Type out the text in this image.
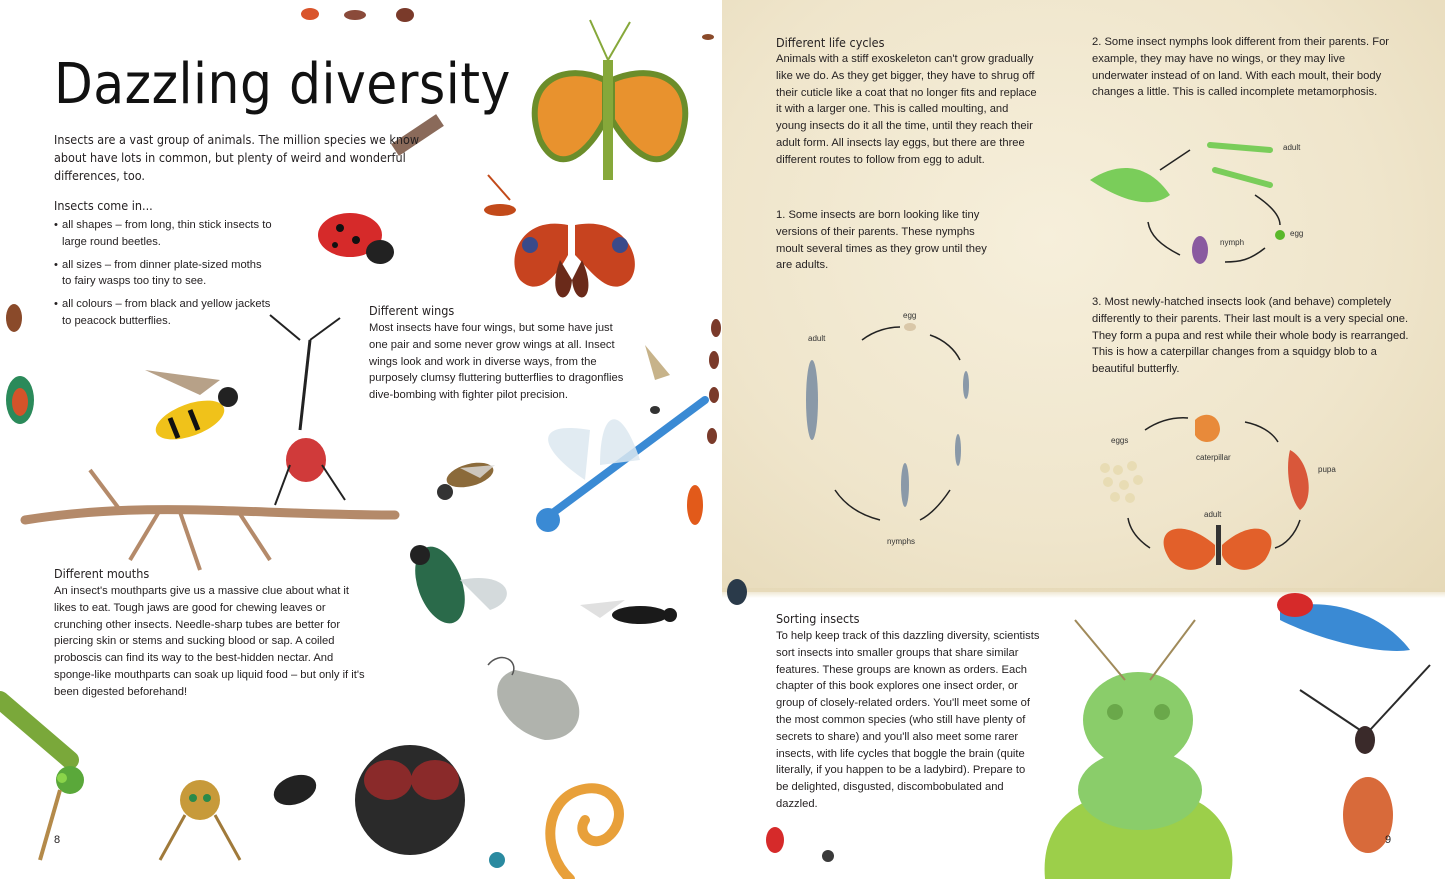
Dazzling diversity
Insects are a vast group of animals. The million species we know about have lots in common, but plenty of weird and wonderful differences, too.
Insects come in...
• all shapes – from long, thin stick insects to large round beetles.
• all sizes – from dinner plate-sized moths to fairy wasps too tiny to see.
• all colours – from black and yellow jackets to peacock butterflies.
Different wings
Most insects have four wings, but some have just one pair and some never grow wings at all. Insect wings look and work in diverse ways, from the purposely clumsy fluttering butterflies to dragonflies dive-bombing with fighter pilot precision.
Different mouths
An insect's mouthparts give us a massive clue about what it likes to eat. Tough jaws are good for chewing leaves or crunching other insects. Needle-sharp tubes are better for piercing skin or stems and sucking blood or sap. A coiled proboscis can find its way to the best-hidden nectar. And sponge-like mouthparts can soak up liquid food – but only if it's been digested beforehand!
8
Different life cycles
Animals with a stiff exoskeleton can't grow gradually like we do. As they get bigger, they have to shrug off their cuticle like a coat that no longer fits and replace it with a larger one. This is called moulting, and young insects do it all the time, until they reach their adult form. All insects lay eggs, but there are three different routes to follow from egg to adult.
2. Some insect nymphs look different from their parents. For example, they may have no wings, or they may live underwater instead of on land. With each moult, their body changes a little. This is called incomplete metamorphosis.
adult
egg
nymph
1. Some insects are born looking like tiny versions of their parents. These nymphs moult several times as they grow until they are adults.
adult
egg
nymphs
3. Most newly-hatched insects look (and behave) completely differently to their parents. Their last moult is a very special one. They form a pupa and rest while their whole body is rearranged. This is how a caterpillar changes from a squidgy blob to a beautiful butterfly.
eggs
caterpillar
pupa
adult
Sorting insects
To help keep track of this dazzling diversity, scientists sort insects into smaller groups that share similar features. These groups are known as orders. Each chapter of this book explores one insect order, or group of closely-related orders. You'll meet some of the most common species (who still have plenty of secrets to share) and you'll also meet some rarer insects, with life cycles that boggle the brain (quite literally, if you happen to be a ladybird). Prepare to be delighted, disgusted, discombobulated and dazzled.
9
